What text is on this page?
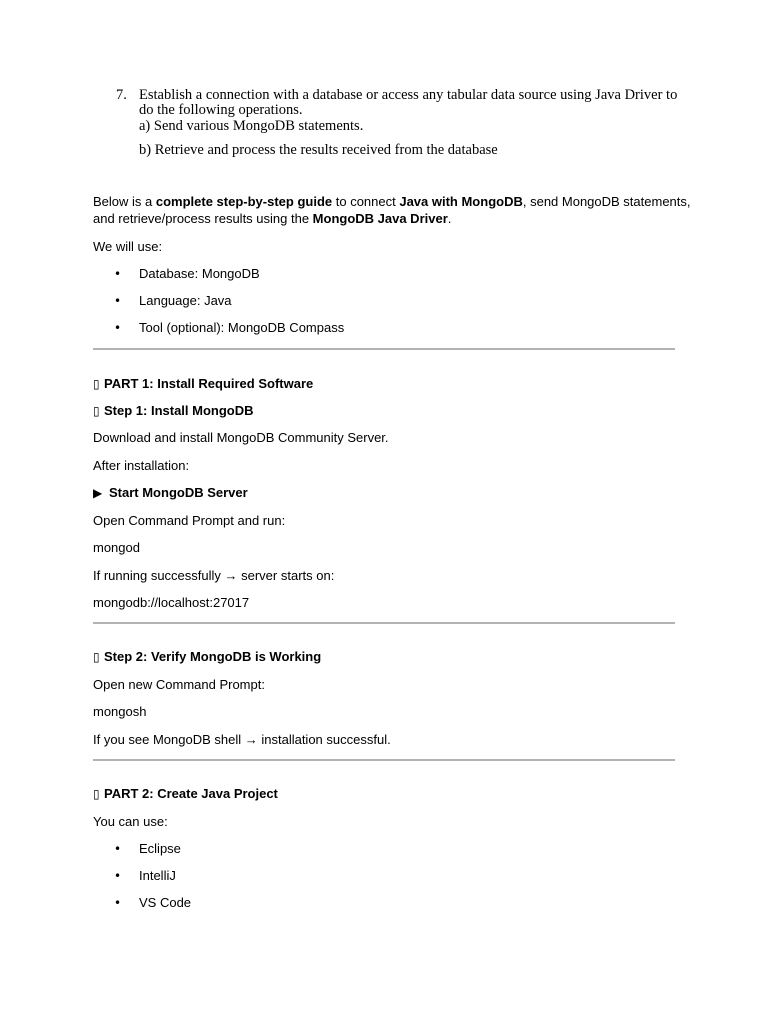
7. Establish a connection with a database or access any tabular data source using Java Driver to
do the following operations.
a) Send various MongoDB statements.
b) Retrieve and process the results received from the database
Below is a complete step-by-step guide to connect Java with MongoDB, send MongoDB statements,
and retrieve/process results using the MongoDB Java Driver.
We will use:
• Database: MongoDB
• Language: Java
• Tool (optional): MongoDB Compass
▯ PART 1: Install Required Software
▯ Step 1: Install MongoDB
Download and install MongoDB Community Server.
After installation:
▶ Start MongoDB Server
Open Command Prompt and run:
mongod
If running successfully → server starts on:
mongodb://localhost:27017
▯ Step 2: Verify MongoDB is Working
Open new Command Prompt:
mongosh
If you see MongoDB shell → installation successful.
▯ PART 2: Create Java Project
You can use:
• Eclipse
• IntelliJ
• VS Code
